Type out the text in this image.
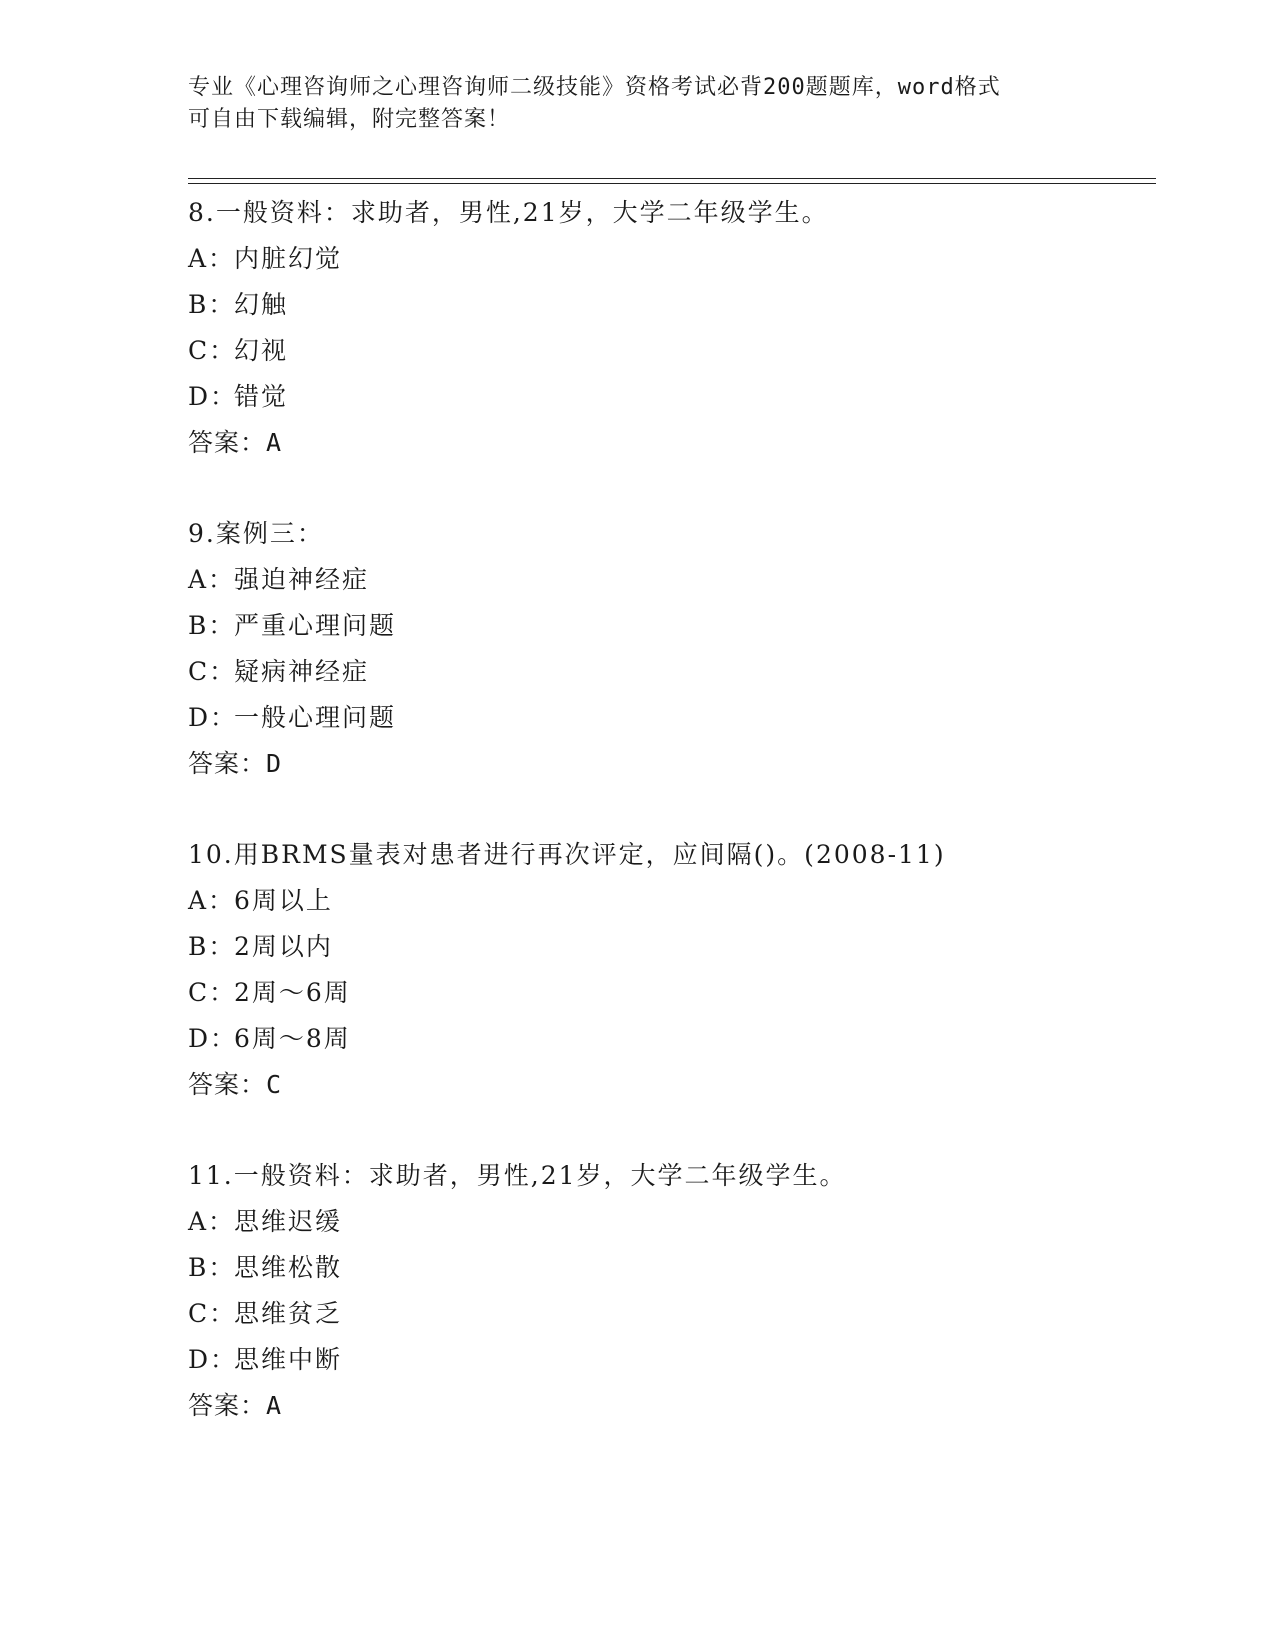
专业《心理咨询师之心理咨询师二级技能》资格考试必背200题题库，word格式
可自由下载编辑，附完整答案！
8.一般资料：求助者，男性,21岁，大学二年级学生。
A：内脏幻觉
B：幻触
C：幻视
D：错觉
答案：A
9.案例三：
A：强迫神经症
B：严重心理问题
C：疑病神经症
D：一般心理问题
答案：D
10.用BRMS量表对患者进行再次评定，应间隔()。(2008-11)
A：6周以上
B：2周以内
C：2周～6周
D：6周～8周
答案：C
11.一般资料：求助者，男性,21岁，大学二年级学生。
A：思维迟缓
B：思维松散
C：思维贫乏
D：思维中断
答案：A
